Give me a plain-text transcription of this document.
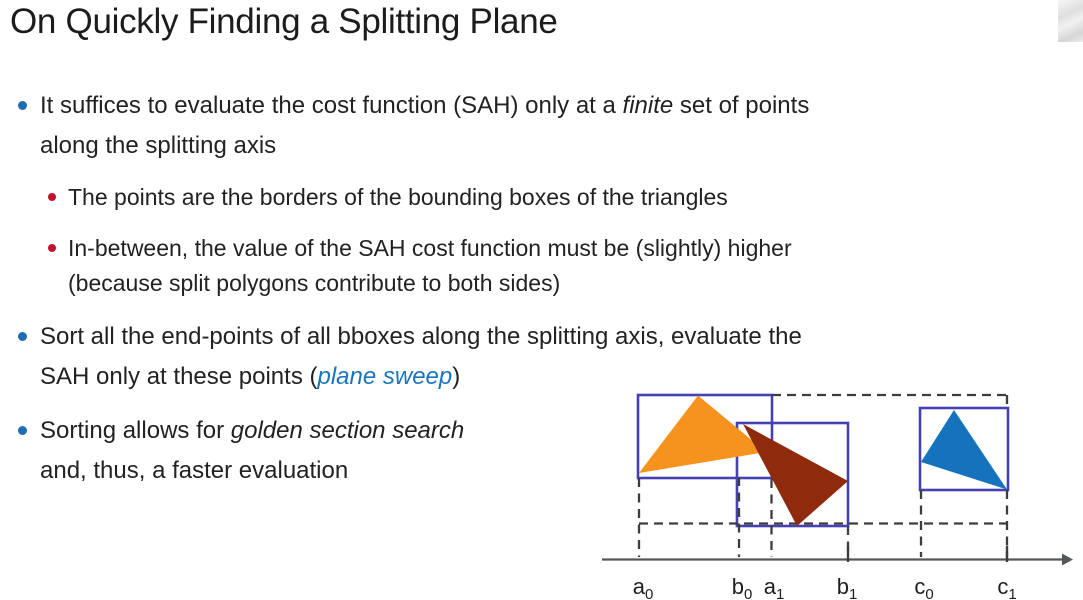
On Quickly Finding a Splitting Plane
It suffices to evaluate the cost function (SAH) only at a finite set of points
along the splitting axis
The points are the borders of the bounding boxes of the triangles
In-between, the value of the SAH cost function must be (slightly) higher
(because split polygons contribute to both sides)
Sort all the end-points of all bboxes along the splitting axis, evaluate the
SAH only at these points (plane sweep)
Sorting allows for golden section search
and, thus, a faster evaluation
$a_0$	$b_0$ $a_1$ $b_1$	$c_0$	$c_1$
